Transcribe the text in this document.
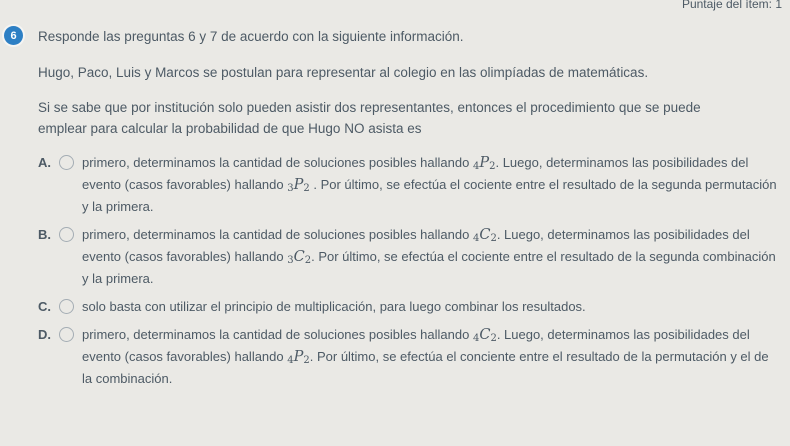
Puntaje del ítem: 1
6	Responde las preguntas 6 y 7 de acuerdo con la siguiente información.
Hugo, Paco, Luis y Marcos se postulan para representar al colegio en las olimpíadas de matemáticas.
Si se sabe que por institución solo pueden asistir dos representantes, entonces el procedimiento que se puede emplear para calcular la probabilidad de que Hugo NO asista es
A.	primero, determinamos la cantidad de soluciones posibles hallando $_4P_2$. Luego, determinamos las posibilidades del evento (casos favorables) hallando $_3P_2$ . Por último, se efectúa el cociente entre el resultado de la segunda permutación y la primera.
B.	primero, determinamos la cantidad de soluciones posibles hallando $_4C_2$. Luego, determinamos las posibilidades del evento (casos favorables) hallando $_3C_2$. Por último, se efectúa el cociente entre el resultado de la segunda combinación y la primera.
C.	solo basta con utilizar el principio de multiplicación, para luego combinar los resultados.
D.	primero, determinamos la cantidad de soluciones posibles hallando $_4C_2$. Luego, determinamos las posibilidades del evento (casos favorables) hallando $_4P_2$. Por último, se efectúa el conciente entre el resultado de la permutación y el de la combinación.
